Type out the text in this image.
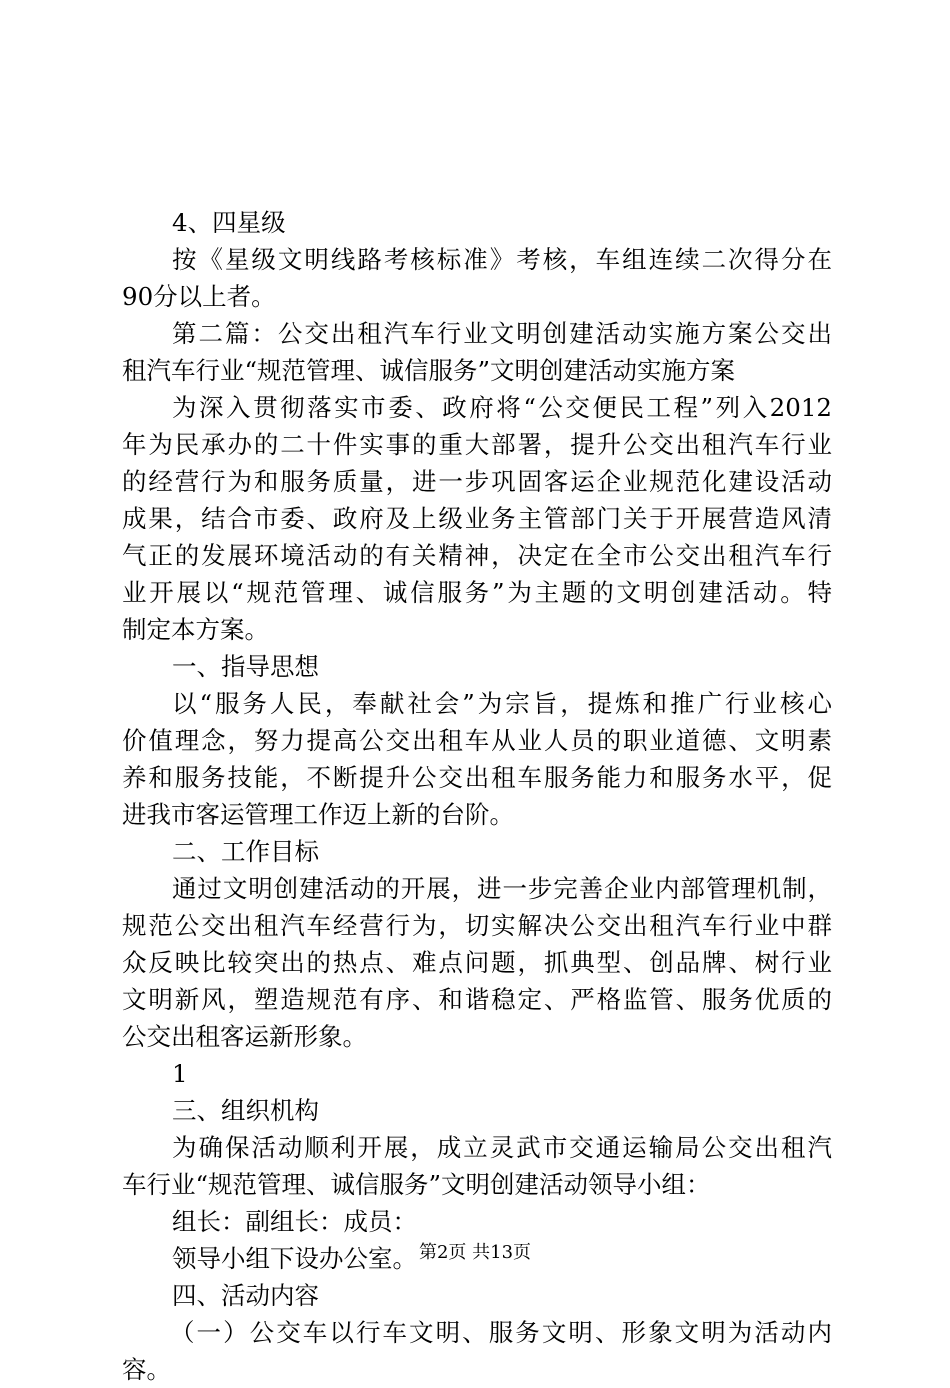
4、四星级
按《星级文明线路考核标准》考核，车组连续二次得分在
90分以上者。
第二篇：公交出租汽车行业文明创建活动实施方案公交出
租汽车行业“规范管理、诚信服务”文明创建活动实施方案
为深入贯彻落实市委、政府将“公交便民工程”列入2012
年为民承办的二十件实事的重大部署，提升公交出租汽车行业
的经营行为和服务质量，进一步巩固客运企业规范化建设活动
成果，结合市委、政府及上级业务主管部门关于开展营造风清
气正的发展环境活动的有关精神，决定在全市公交出租汽车行
业开展以“规范管理、诚信服务”为主题的文明创建活动。特
制定本方案。
一、指导思想
以“服务人民，奉献社会”为宗旨，提炼和推广行业核心
价值理念，努力提高公交出租车从业人员的职业道德、文明素
养和服务技能，不断提升公交出租车服务能力和服务水平，促
进我市客运管理工作迈上新的台阶。
二、工作目标
通过文明创建活动的开展，进一步完善企业内部管理机制，
规范公交出租汽车经营行为，切实解决公交出租汽车行业中群
众反映比较突出的热点、难点问题，抓典型、创品牌、树行业
文明新风，塑造规范有序、和谐稳定、严格监管、服务优质的
公交出租客运新形象。
1
三、组织机构
为确保活动顺利开展，成立灵武市交通运输局公交出租汽
车行业“规范管理、诚信服务”文明创建活动领导小组：
组长：副组长：成员：
领导小组下设办公室。
四、活动内容
（一）公交车以行车文明、服务文明、形象文明为活动内
容。
第2页 共13页
